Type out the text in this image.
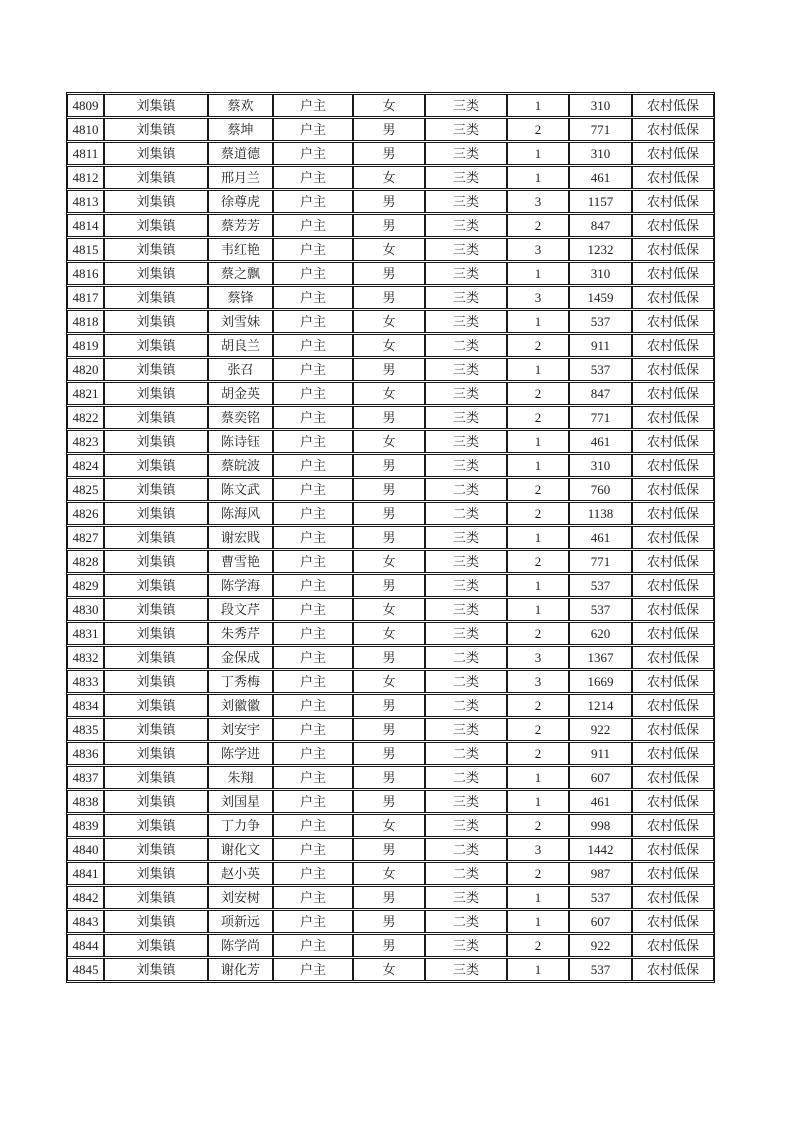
4809	刘集镇	蔡欢	户主	女	三类	1	310	农村低保
4810	刘集镇	蔡坤	户主	男	三类	2	771	农村低保
4811	刘集镇	蔡道德	户主	男	三类	1	310	农村低保
4812	刘集镇	邢月兰	户主	女	三类	1	461	农村低保
4813	刘集镇	徐尊虎	户主	男	三类	3	1157	农村低保
4814	刘集镇	蔡芳芳	户主	男	三类	2	847	农村低保
4815	刘集镇	韦红艳	户主	女	三类	3	1232	农村低保
4816	刘集镇	蔡之飘	户主	男	三类	1	310	农村低保
4817	刘集镇	蔡锋	户主	男	三类	3	1459	农村低保
4818	刘集镇	刘雪妹	户主	女	三类	1	537	农村低保
4819	刘集镇	胡良兰	户主	女	二类	2	911	农村低保
4820	刘集镇	张召	户主	男	三类	1	537	农村低保
4821	刘集镇	胡金英	户主	女	三类	2	847	农村低保
4822	刘集镇	蔡奕铭	户主	男	三类	2	771	农村低保
4823	刘集镇	陈诗钰	户主	女	三类	1	461	农村低保
4824	刘集镇	蔡皖波	户主	男	三类	1	310	农村低保
4825	刘集镇	陈文武	户主	男	二类	2	760	农村低保
4826	刘集镇	陈海风	户主	男	二类	2	1138	农村低保
4827	刘集镇	谢宏戝	户主	男	三类	1	461	农村低保
4828	刘集镇	曹雪艳	户主	女	三类	2	771	农村低保
4829	刘集镇	陈学海	户主	男	三类	1	537	农村低保
4830	刘集镇	段文芹	户主	女	三类	1	537	农村低保
4831	刘集镇	朱秀芹	户主	女	三类	2	620	农村低保
4832	刘集镇	金保成	户主	男	二类	3	1367	农村低保
4833	刘集镇	丁秀梅	户主	女	二类	3	1669	农村低保
4834	刘集镇	刘徽徽	户主	男	二类	2	1214	农村低保
4835	刘集镇	刘安宇	户主	男	三类	2	922	农村低保
4836	刘集镇	陈学进	户主	男	二类	2	911	农村低保
4837	刘集镇	朱翔	户主	男	二类	1	607	农村低保
4838	刘集镇	刘国星	户主	男	三类	1	461	农村低保
4839	刘集镇	丁力争	户主	女	三类	2	998	农村低保
4840	刘集镇	谢化文	户主	男	二类	3	1442	农村低保
4841	刘集镇	赵小英	户主	女	二类	2	987	农村低保
4842	刘集镇	刘安树	户主	男	三类	1	537	农村低保
4843	刘集镇	项新远	户主	男	二类	1	607	农村低保
4844	刘集镇	陈学尚	户主	男	三类	2	922	农村低保
4845	刘集镇	谢化芳	户主	女	三类	1	537	农村低保
